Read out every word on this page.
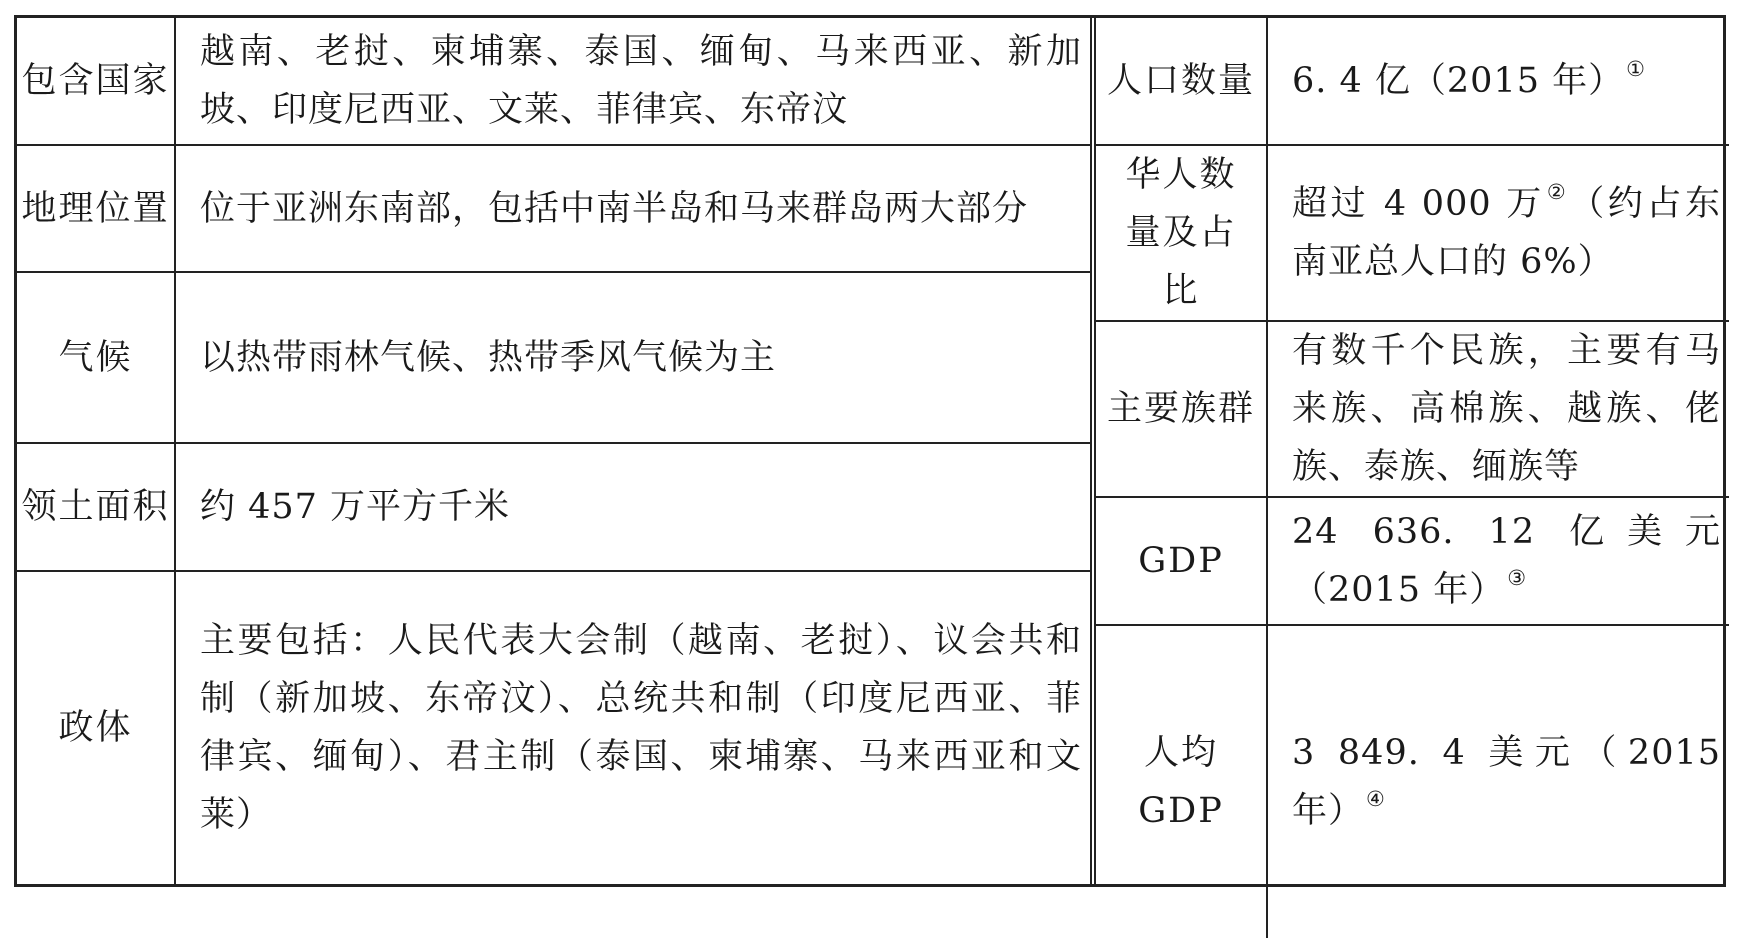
包含国家	越南、老挝、柬埔寨、泰国、缅甸、马来西亚、新加坡、印度尼西亚、文莱、菲律宾、东帝汶
地理位置	位于亚洲东南部，包括中南半岛和马来群岛两大部分
气候	以热带雨林气候、热带季风气候为主
领土面积	约 457 万平方千米
政体	主要包括：人民代表大会制（越南、老挝）、议会共和制（新加坡、东帝汶）、总统共和制（印度尼西亚、菲律宾、缅甸）、君主制（泰国、柬埔寨、马来西亚和文莱）
人口数量	6. 4 亿（2015 年）①
华人数量及占比	超过 4 000 万②（约占东南亚总人口的 6%）
主要族群	有数千个民族，主要有马来族、高棉族、越族、佬族、泰族、缅族等
GDP	24 636. 12 亿美元（2015 年）③
人均 GDP	3 849. 4 美元（2015 年）④
